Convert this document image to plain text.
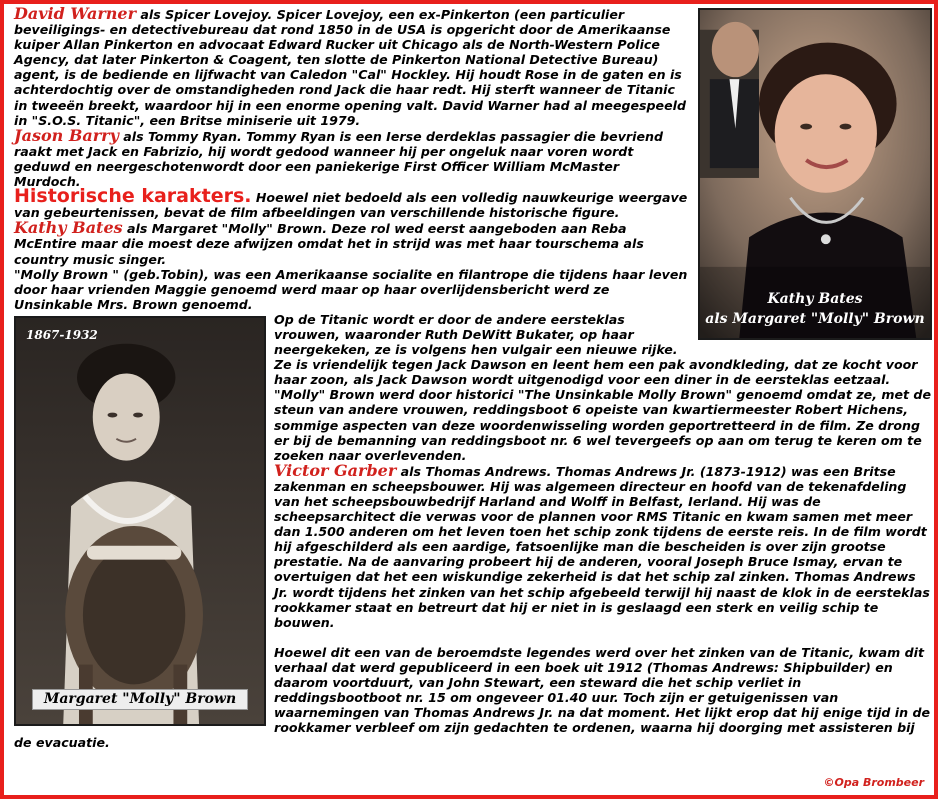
Kathy Bates
als Margaret "Molly" Brown

David Warner als Spicer Lovejoy. Spicer Lovejoy, een ex-Pinkerton (een particulier beveiligings- en detectivebureau dat rond 1850 in de USA is opgericht door de Amerikaanse kuiper Allan Pinkerton en advocaat Edward Rucker uit Chicago als de North-Western Police Agency, dat later Pinkerton & Coagent, ten slotte de Pinkerton National Detective Bureau) agent, is de bediende en lijfwacht van Caledon "Cal" Hockley. Hij houdt Rose in de gaten en is achterdochtig over de omstandigheden rond Jack die haar redt. Hij sterft wanneer de Titanic in tweeën breekt, waardoor hij in een enorme opening valt. David Warner had al meegespeeld in "S.O.S. Titanic", een Britse miniserie uit 1979.

Jason Barry als Tommy Ryan. Tommy Ryan is een Ierse derdeklas passagier die bevriend raakt met Jack en Fabrizio, hij wordt gedood wanneer hij per ongeluk naar voren wordt geduwd en neergeschotenwordt door een paniekerige First Officer William McMaster Murdoch.

Historische karakters. Hoewel niet bedoeld als een volledig nauwkeurige weergave van gebeurtenissen, bevat de film afbeeldingen van verschillende historische figure.

Kathy Bates als Margaret "Molly" Brown. Deze rol wed eerst aangeboden aan Reba McEntire maar die moest deze afwijzen omdat het in strijd was met haar tourschema als country music singer.

"Molly Brown " (geb.Tobin), was een Amerikaanse socialite en filantrope die tijdens haar leven door haar vrienden Maggie genoemd werd maar op haar overlijdensbericht werd ze Unsinkable Mrs. Brown genoemd.

1867-1932
Margaret "Molly" Brown

Op de Titanic wordt er door de andere eersteklas vrouwen, waaronder Ruth DeWitt Bukater, op haar neergekeken, ze is volgens hen vulgair een nieuwe rijke. Ze is vriendelijk tegen Jack Dawson en leent hem een pak avondkleding, dat ze kocht voor haar zoon, als Jack Dawson wordt uitgenodigd voor een diner in de eersteklas eetzaal. "Molly" Brown werd door historici "The Unsinkable Molly Brown" genoemd omdat ze, met de steun van andere vrouwen, reddingsboot 6 opeiste van kwartiermeester Robert Hichens, sommige aspecten van deze woordenwisseling worden geportretteerd in de film. Ze drong er bij de bemanning van reddingsboot nr. 6 wel tevergeefs op aan om terug te keren om te zoeken naar overlevenden.

Victor Garber als Thomas Andrews. Thomas Andrews Jr. (1873-1912) was een Britse zakenman en scheepsbouwer. Hij was algemeen directeur en hoofd van de tekenafdeling van het scheepsbouwbedrijf Harland and Wolff in Belfast, Ierland. Hij was de scheepsarchitect die verwas voor de plannen voor RMS Titanic en kwam samen met meer dan 1.500 anderen om het leven toen het schip zonk tijdens de eerste reis. In de film wordt hij afgeschilderd als een aardige, fatsoenlijke man die bescheiden is over zijn grootse prestatie. Na de aanvaring probeert hij de anderen, vooral Joseph Bruce Ismay, ervan te overtuigen dat het een wiskundige zekerheid is dat het schip zal zinken. Thomas Andrews Jr. wordt tijdens het zinken van het schip afgebeeld terwijl hij naast de klok in de eersteklas rookkamer staat en betreurt dat hij er niet in is geslaagd een sterk en veilig schip te bouwen.

Hoewel dit een van de beroemdste legendes werd over het zinken van de Titanic, kwam dit verhaal dat werd gepubliceerd in een boek uit 1912 (Thomas Andrews: Shipbuilder) en daarom voortduurt, van John Stewart, een steward die het schip verliet in reddingsbootboot nr. 15 om ongeveer 01.40 uur. Toch zijn er getuigenissen van waarnemingen van Thomas Andrews Jr. na dat moment. Het lijkt erop dat hij enige tijd in de rookkamer verbleef om zijn gedachten te ordenen, waarna hij doorging met assisteren bij de evacuatie.

©Opa Brombeer
